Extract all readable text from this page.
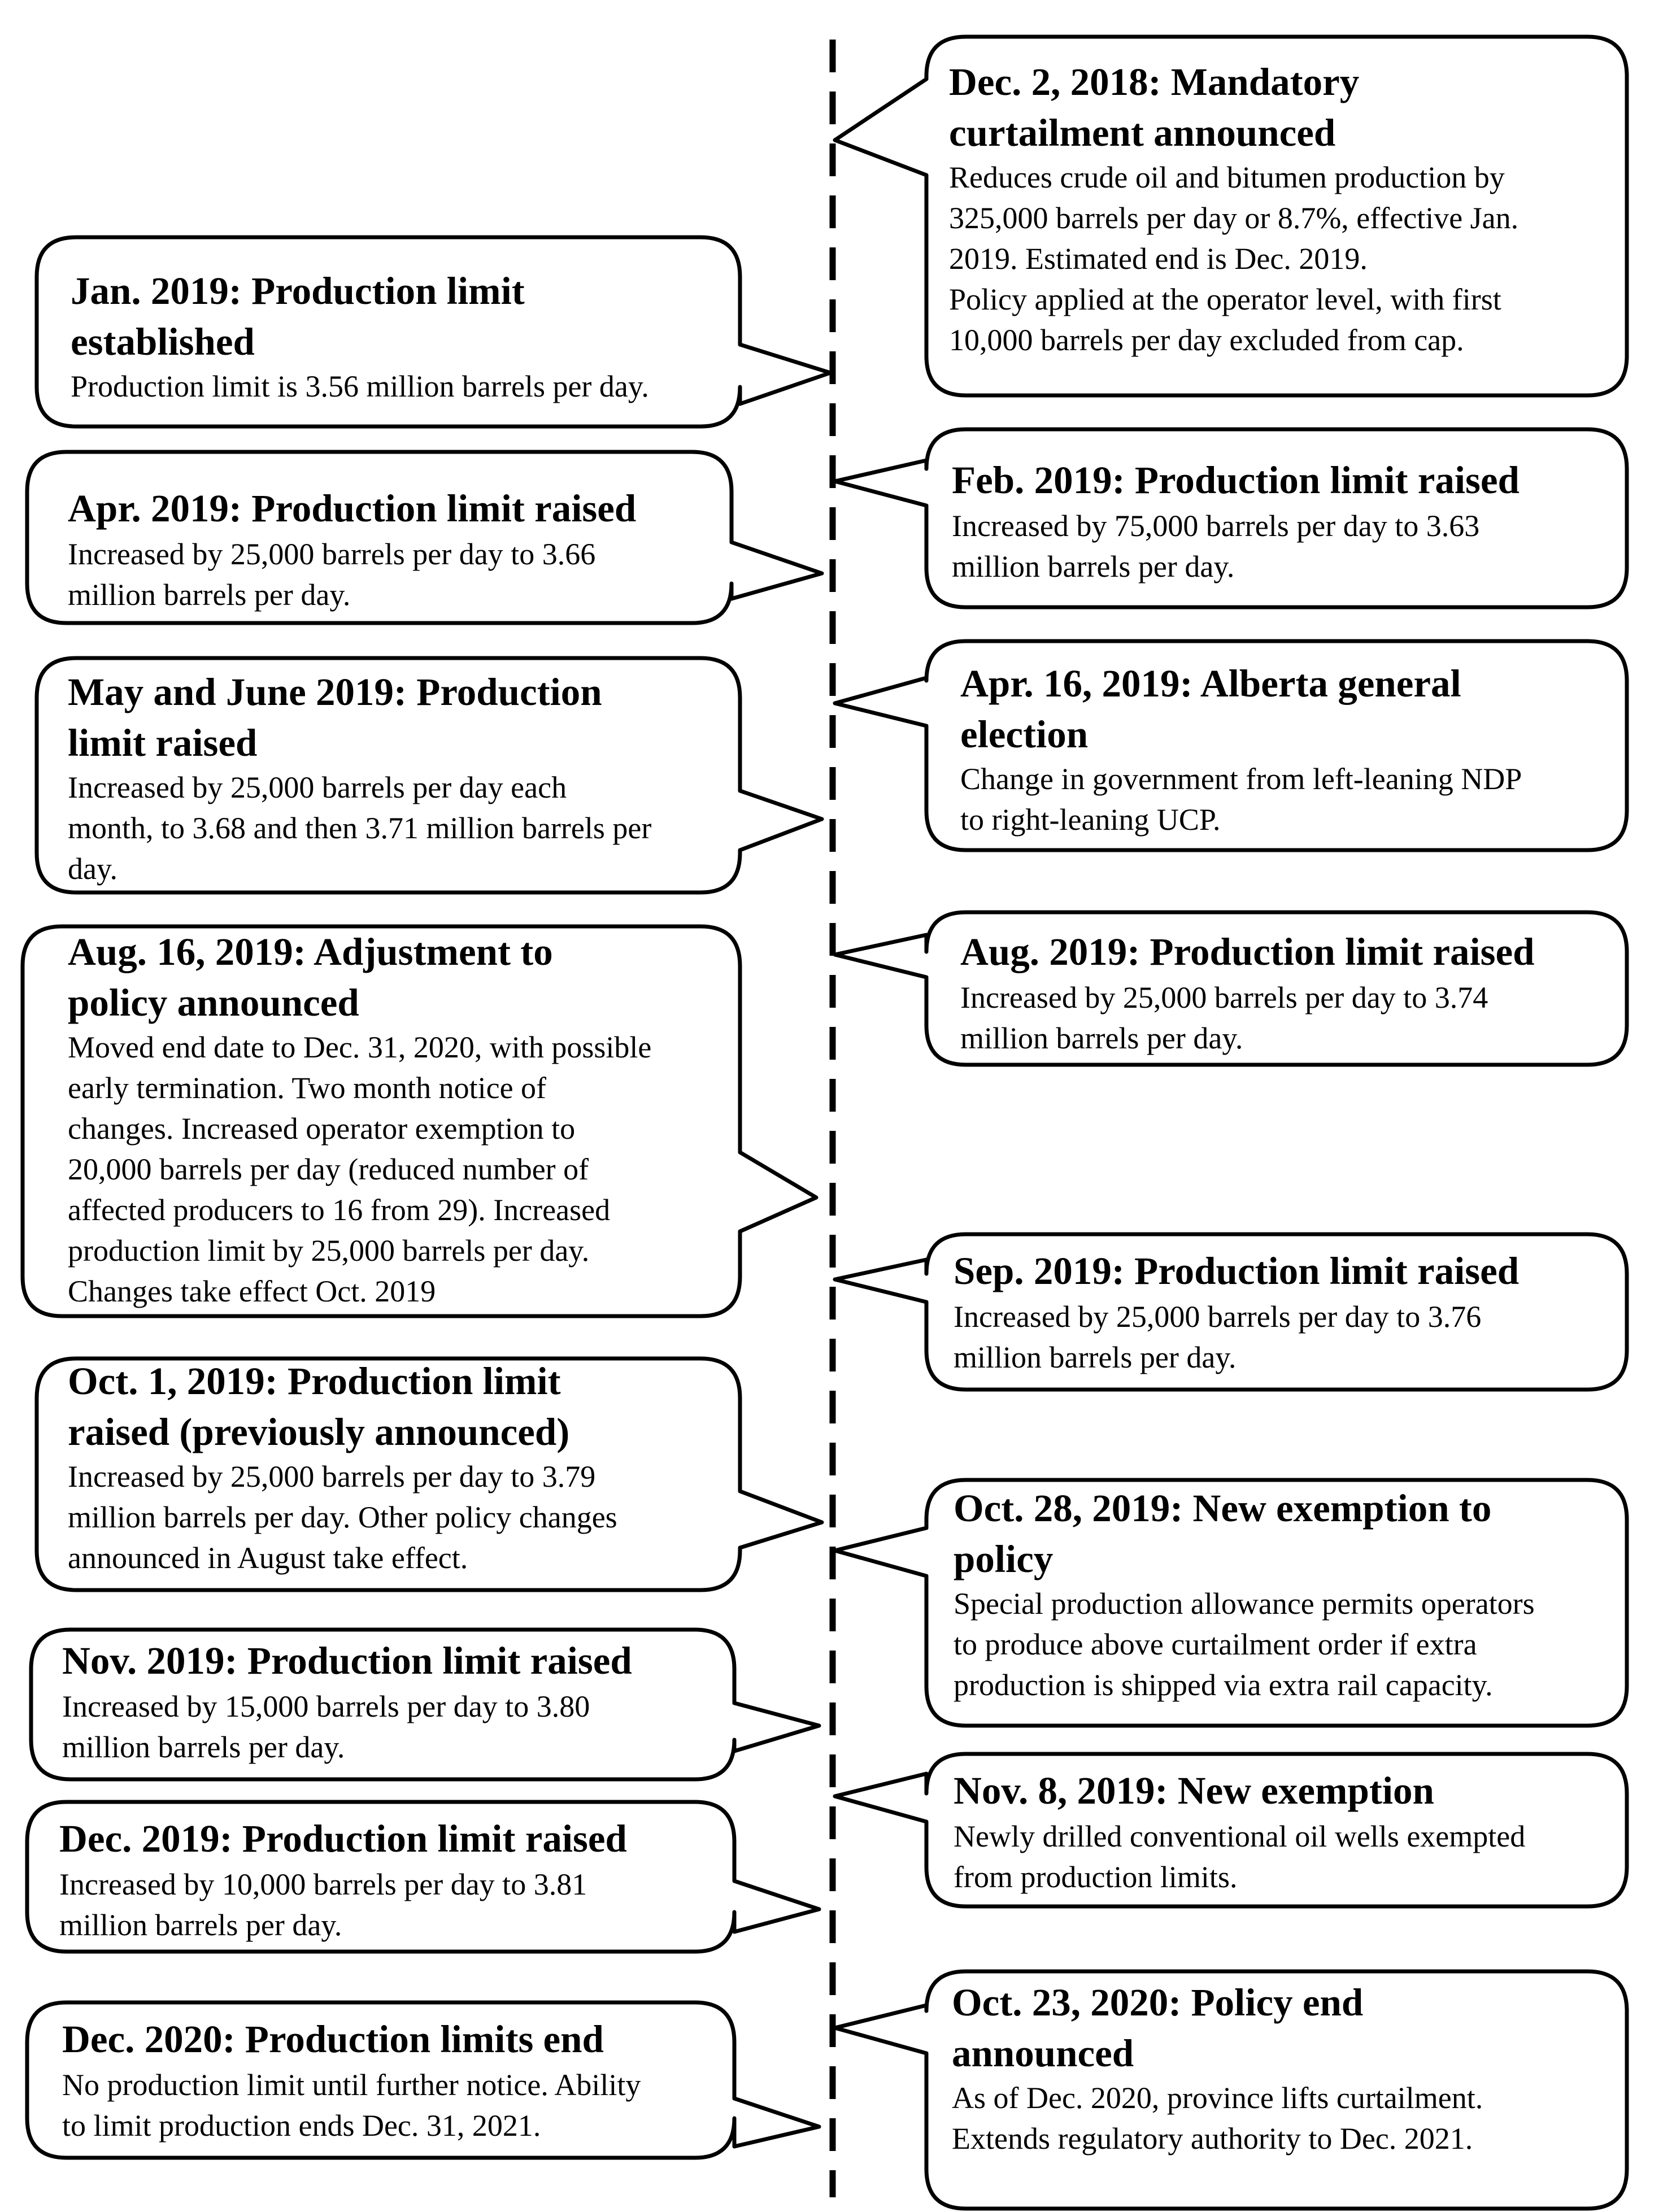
Dec. 2, 2018: Mandatory
curtailment announced
Reduces crude oil and bitumen production by
325,000 barrels per day or 8.7%, effective Jan.
2019. Estimated end is Dec. 2019.
Policy applied at the operator level, with first
10,000 barrels per day excluded from cap.
Jan. 2019: Production limit
established
Production limit is 3.56 million barrels per day.
Feb. 2019: Production limit raised
Increased by 75,000 barrels per day to 3.63
million barrels per day.
Apr. 2019: Production limit raised
Increased by 25,000 barrels per day to 3.66
million barrels per day.
Apr. 16, 2019: Alberta general
election
Change in government from left-leaning NDP
to right-leaning UCP.
May and June 2019: Production
limit raised
Increased by 25,000 barrels per day each
month, to 3.68 and then 3.71 million barrels per
day.
Aug. 2019: Production limit raised
Increased by 25,000 barrels per day to 3.74
million barrels per day.
Aug. 16, 2019: Adjustment to
policy announced
Moved end date to Dec. 31, 2020, with possible
early termination. Two month notice of
changes. Increased operator exemption to
20,000 barrels per day (reduced number of
affected producers to 16 from 29). Increased
production limit by 25,000 barrels per day.
Changes take effect Oct. 2019	Sep. 2019: Production limit raised
Increased by 25,000 barrels per day to 3.76
million barrels per day.
Oct. 1, 2019: Production limit
raised (previously announced)
Increased by 25,000 barrels per day to 3.79
million barrels per day. Other policy changes
announced in August take effect.
Oct. 28, 2019: New exemption to
policy
Special production allowance permits operators
to produce above curtailment order if extra
production is shipped via extra rail capacity.
Nov. 2019: Production limit raised
Increased by 15,000 barrels per day to 3.80
million barrels per day.
Nov. 8, 2019: New exemption
Newly drilled conventional oil wells exempted
from production limits.
Dec. 2019: Production limit raised
Increased by 10,000 barrels per day to 3.81
million barrels per day.
Oct. 23, 2020: Policy end
announced
As of Dec. 2020, province lifts curtailment.
Extends regulatory authority to Dec. 2021.
Dec. 2020: Production limits end
No production limit until further notice. Ability
to limit production ends Dec. 31, 2021.
